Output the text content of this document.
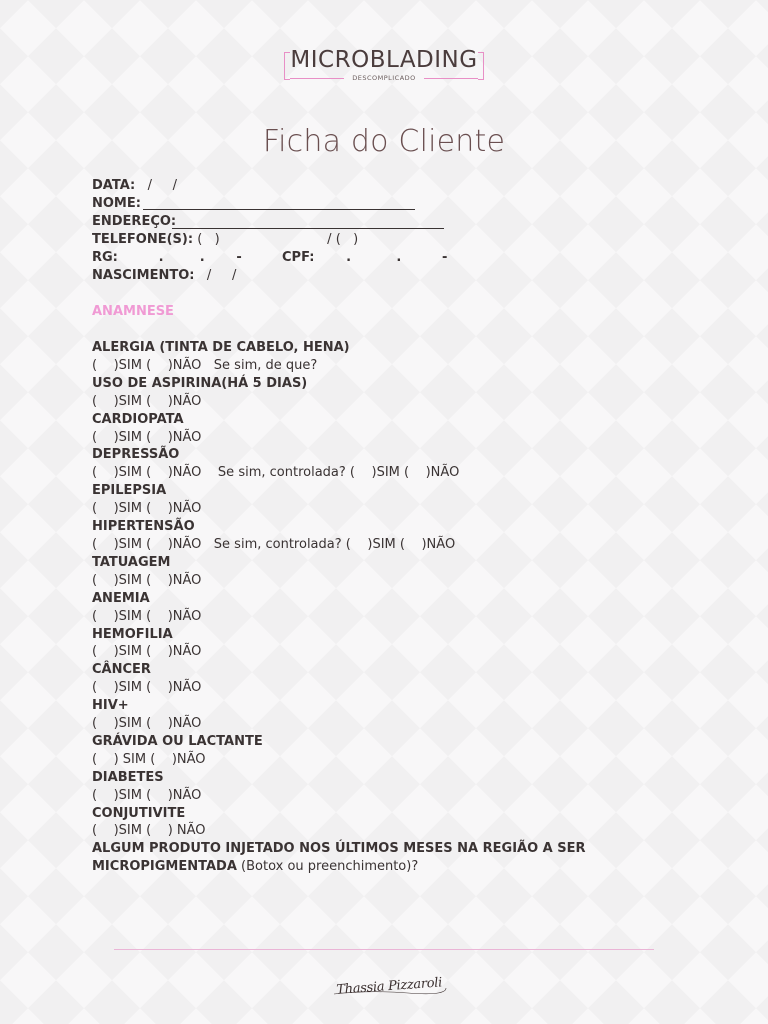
MICROBLADING
DESCOMPLICADO
Ficha do Cliente
DATA:   /     /
NOME:
ENDEREÇO:
TELEFONE(S): (   )                          / (   )
RG:         .        .       -	CPF:       .          .         -
NASCIMENTO:   /     /
ANAMNESE
ALERGIA (TINTA DE CABELO, HENA)
(    )SIM (    )NÃO   Se sim, de que?
USO DE ASPIRINA(HÁ 5 DIAS)
(    )SIM (    )NÃO
CARDIOPATA
(    )SIM (    )NÃO
DEPRESSÃO
(    )SIM (    )NÃO    Se sim, controlada? (    )SIM (    )NÃO
EPILEPSIA
(    )SIM (    )NÃO
HIPERTENSÃO
(    )SIM (    )NÃO   Se sim, controlada? (    )SIM (    )NÃO
TATUAGEM
(    )SIM (    )NÃO
ANEMIA
(    )SIM (    )NÃO
HEMOFILIA
(    )SIM (    )NÃO
CÂNCER
(    )SIM (    )NÃO
HIV+
(    )SIM (    )NÃO
GRÁVIDA OU LACTANTE
(    ) SIM (    )NÃO
DIABETES
(    )SIM (    )NÃO
CONJUTIVITE
(    )SIM (    ) NÃO
ALGUM PRODUTO INJETADO NOS ÚLTIMOS MESES NA REGIÃO A SER
MICROPIGMENTADA (Botox ou preenchimento)?
Thassia Pizzaroli
